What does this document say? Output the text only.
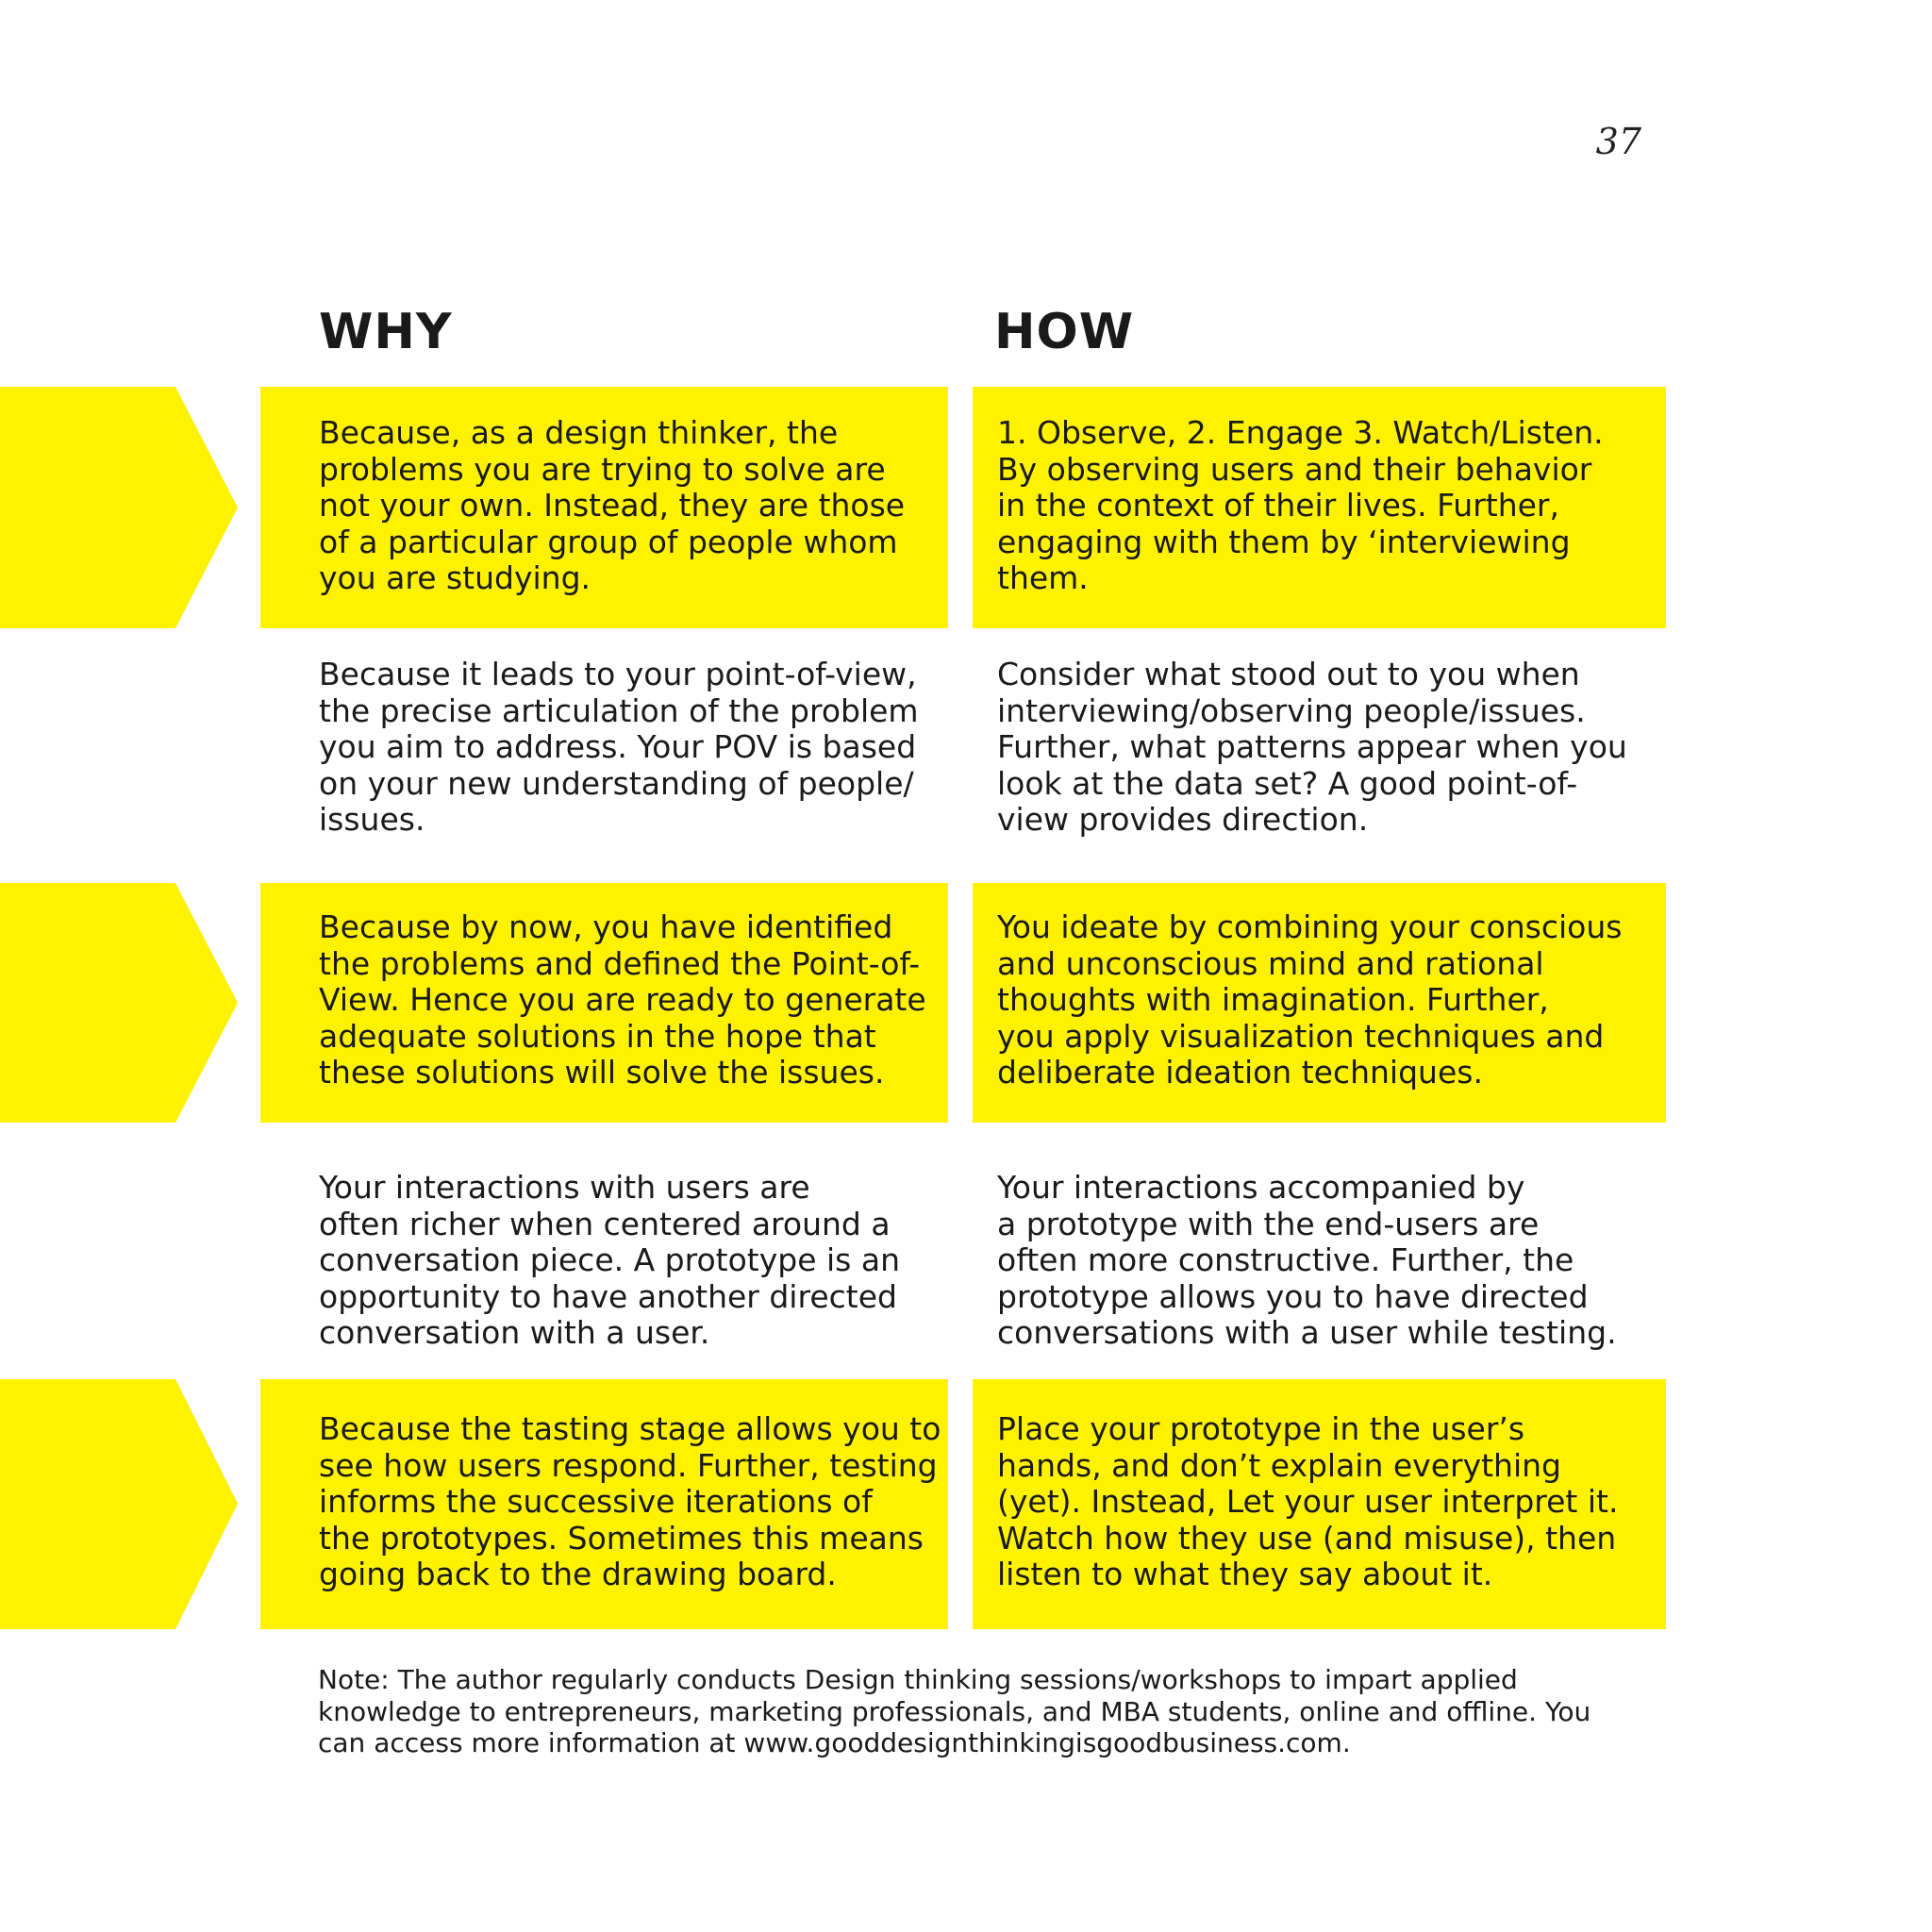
37
WHY	HOW
Because, as a design thinker, the
problems you are trying to solve are
not your own. Instead, they are those
of a particular group of people whom
you are studying.
1. Observe, 2. Engage 3. Watch/Listen.
By observing users and their behavior
in the context of their lives. Further,
engaging with them by ‘interviewing
them.
Because it leads to your point-of-view,
the precise articulation of the problem
you aim to address. Your POV is based
on your new understanding of people/
issues.
Consider what stood out to you when
interviewing/observing people/issues.
Further, what patterns appear when you
look at the data set? A good point-of-
view provides direction.
Because by now, you have identified
the problems and defined the Point-of-
View. Hence you are ready to generate
adequate solutions in the hope that
these solutions will solve the issues.
You ideate by combining your conscious
and unconscious mind and rational
thoughts with imagination. Further,
you apply visualization techniques and
deliberate ideation techniques.
Your interactions with users are
often richer when centered around a
conversation piece. A prototype is an
opportunity to have another directed
conversation with a user.
Your interactions accompanied by
a prototype with the end-users are
often more constructive. Further, the
prototype allows you to have directed
conversations with a user while testing.
Because the tasting stage allows you to
see how users respond. Further, testing
informs the successive iterations of
the prototypes. Sometimes this means
going back to the drawing board.
Place your prototype in the user’s
hands, and don’t explain everything
(yet). Instead, Let your user interpret it.
Watch how they use (and misuse), then
listen to what they say about it.
Note: The author regularly conducts Design thinking sessions/workshops to impart applied
knowledge to entrepreneurs, marketing professionals, and MBA students, online and offline. You
can access more information at www.gooddesignthinkingisgoodbusiness.com.
